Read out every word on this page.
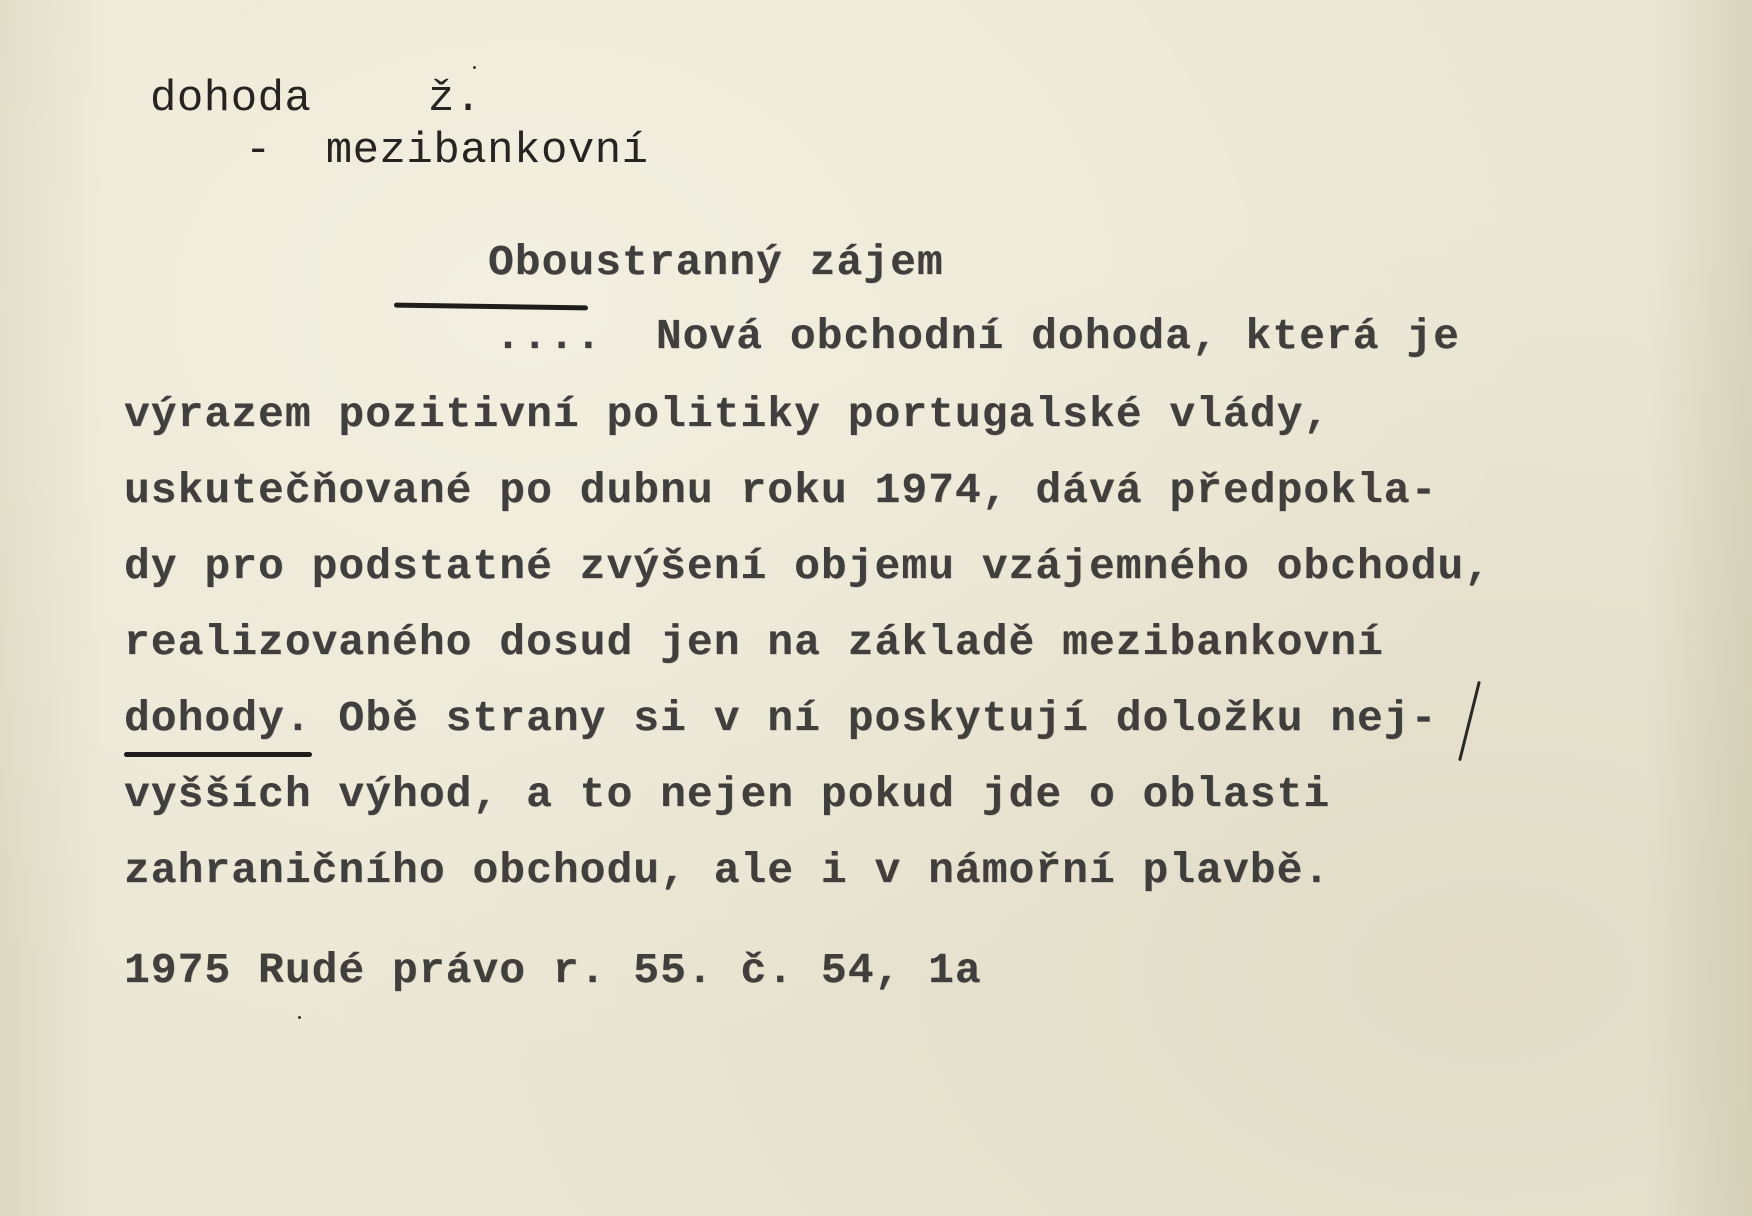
dohoda	ž.
-  mezibankovní
Oboustranný zájem
....  Nová obchodní dohoda, která je
výrazem pozitivní politiky portugalské vlády,
uskutečňované po dubnu roku 1974, dává předpokla-
dy pro podstatné zvýšení objemu vzájemného obchodu,
realizovaného dosud jen na základě mezibankovní
dohody. Obě strany si v ní poskytují doložku nej-
vyšších výhod, a to nejen pokud jde o oblasti
zahraničního obchodu, ale i v námořní plavbě.
1975 Rudé právo r. 55. č. 54, 1a
